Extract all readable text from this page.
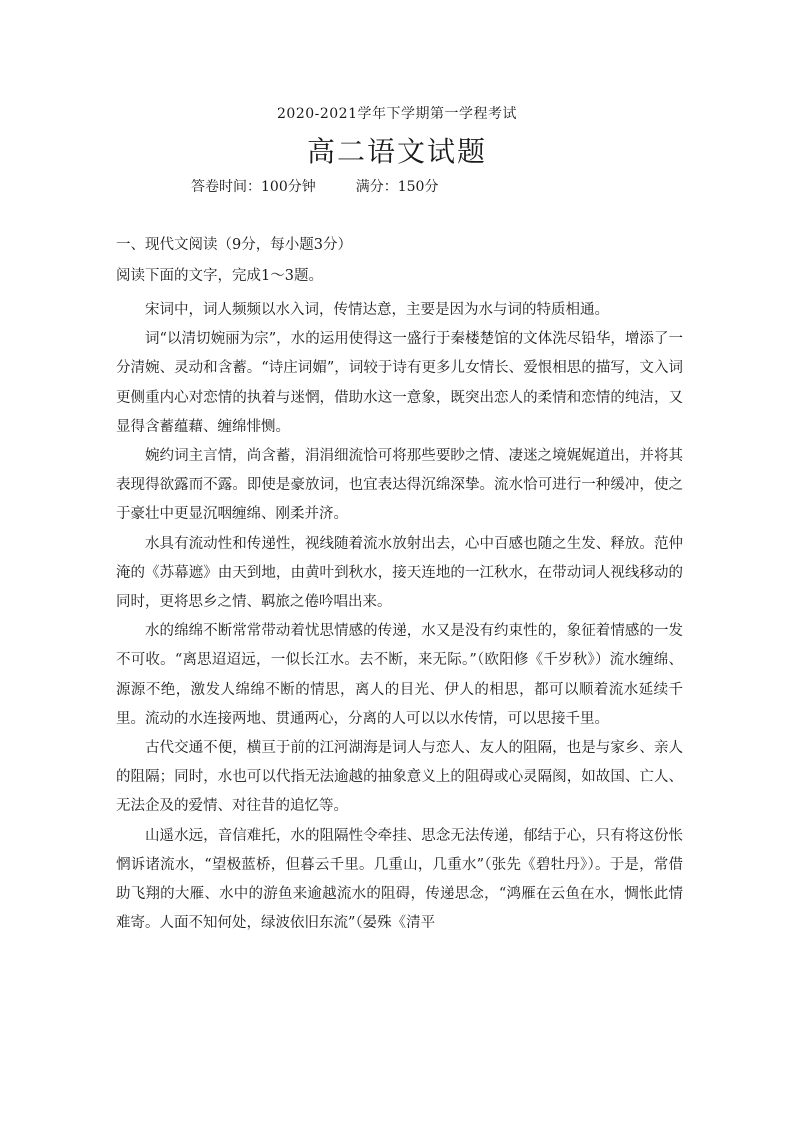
2020-2021学年下学期第一学程考试
高二语文试题
答卷时间：100分钟	满分：150分
一、现代文阅读（9分，每小题3分）
阅读下面的文字，完成1～3题。

宋词中，词人频频以水入词，传情达意，主要是因为水与词的特质相通。

词“以清切婉丽为宗”，水的运用使得这一盛行于秦楼楚馆的文体洗尽铅华，增添了一分清婉、灵动和含蓄。“诗庄词媚”，词较于诗有更多儿女情长、爱恨相思的描写，文入词更侧重内心对恋情的执着与迷惘，借助水这一意象，既突出恋人的柔情和恋情的纯洁，又显得含蓄蕴藉、缠绵悱恻。

婉约词主言情，尚含蓄，涓涓细流恰可将那些要眇之情、凄迷之境娓娓道出，并将其表现得欲露而不露。即使是豪放词，也宜表达得沉绵深挚。流水恰可进行一种缓冲，使之于豪壮中更显沉咽缠绵、刚柔并济。

水具有流动性和传递性，视线随着流水放射出去，心中百感也随之生发、释放。范仲淹的《苏幕遮》由天到地，由黄叶到秋水，接天连地的一江秋水，在带动词人视线移动的同时，更将思乡之情、羁旅之倦吟唱出来。

水的绵绵不断常常带动着忧思情感的传递，水又是没有约束性的，象征着情感的一发不可收。“离思迢迢远，一似长江水。去不断，来无际。”（欧阳修《千岁秋》）流水缠绵、源源不绝，激发人绵绵不断的情思，离人的目光、伊人的相思，都可以顺着流水延续千里。流动的水连接两地、贯通两心，分离的人可以以水传情，可以思接千里。

古代交通不便，横亘于前的江河湖海是词人与恋人、友人的阻隔，也是与家乡、亲人的阻隔；同时，水也可以代指无法逾越的抽象意义上的阻碍或心灵隔阂，如故国、亡人、无法企及的爱情、对往昔的追忆等。

山遥水远，音信难托，水的阻隔性令牵挂、思念无法传递，郁结于心，只有将这份怅惘诉诸流水，“望极蓝桥，但暮云千里。几重山，几重水”（张先《碧牡丹》）。于是，常借助飞翔的大雁、水中的游鱼来逾越流水的阻碍，传递思念，“鸿雁在云鱼在水，惆怅此情难寄。人面不知何处，绿波依旧东流”（晏殊《清平
